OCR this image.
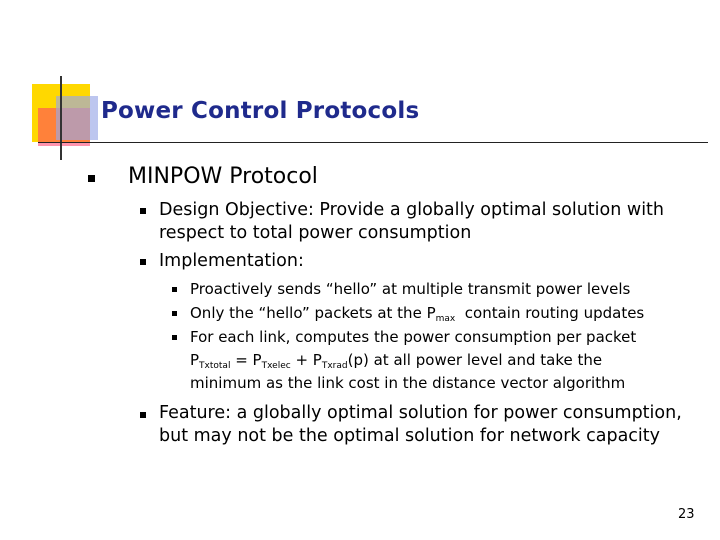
Power Control Protocols
MINPOW Protocol
Design Objective: Provide a globally optimal solution with
respect to total power consumption
Implementation:
Proactively sends “hello” at multiple transmit power levels
Only the “hello” packets at the $P_{max}$  contain routing updates
For each link, computes the power consumption per packet
$P_{Txtotal} = P_{Txelec} + P_{Txrad}(p)$ at all power level and take the
minimum as the link cost in the distance vector algorithm
Feature: a globally optimal solution for power consumption,
but may not be the optimal solution for network capacity
23
